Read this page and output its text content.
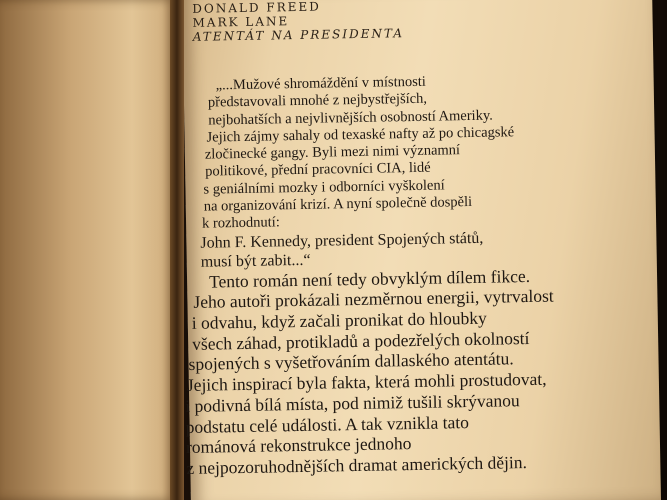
DONALD FREED
MARK LANE
ATENTÁT NA PRESIDENTA
„...Mužové shromáždění v místnosti
představovali mnohé z nejbystřejších,
nejbohatších a nejvlivnějších osobností Ameriky.
Jejich zájmy sahaly od texaské nafty až po chicagské
zločinecké gangy. Byli mezi nimi významní
politikové, přední pracovníci CIA, lidé
s geniálními mozky i odborníci vyškolení
na organizování krizí. A nyní společně dospěli
k rozhodnutí:
John F. Kennedy, president Spojených států,
musí být zabit...“
Tento román není tedy obvyklým dílem fikce.
Jeho autoři prokázali nezměrnou energii, vytrvalost
i odvahu, když začali pronikat do hloubky
všech záhad, protikladů a podezřelých okolností
spojených s vyšetřováním dallaského atentátu.
Jejich inspirací byla fakta, která mohli prostudovat,
i podivná bílá místa, pod nimiž tušili skrývanou
podstatu celé události. A tak vznikla tato
románová rekonstrukce jednoho
z nejpozoruhodnějších dramat amerických dějin.
